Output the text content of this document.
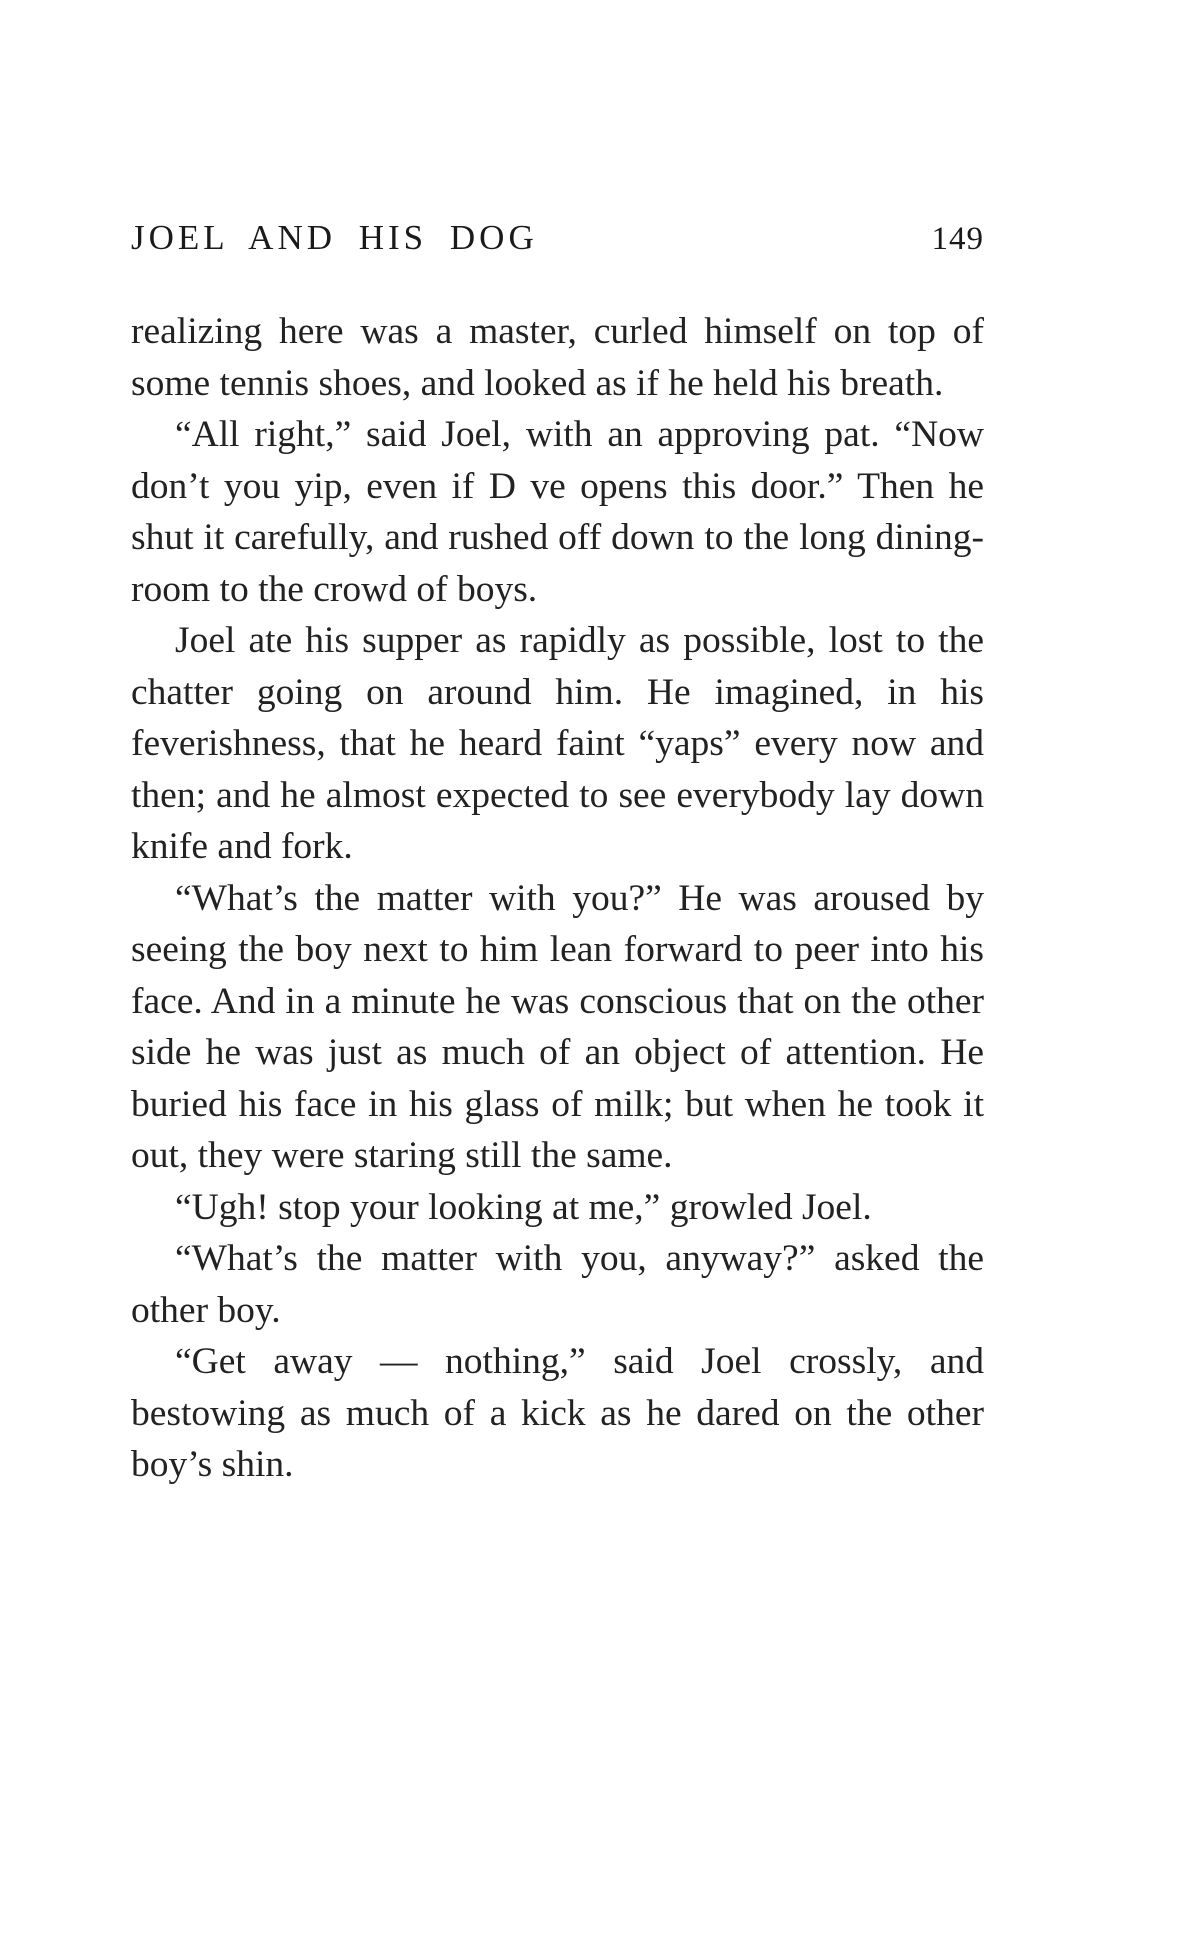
JOEL AND HIS DOG	149

realizing here was a master, curled himself on top of some tennis shoes, and looked as if he held his breath.

“All right,” said Joel, with an approving pat. “Now don’t you yip, even if D ve opens this door.” Then he shut it carefully, and rushed off down to the long dining-room to the crowd of boys.

Joel ate his supper as rapidly as possible, lost to the chatter going on around him. He imagined, in his feverishness, that he heard faint “yaps” every now and then; and he almost expected to see everybody lay down knife and fork.

“What’s the matter with you?” He was aroused by seeing the boy next to him lean forward to peer into his face. And in a minute he was conscious that on the other side he was just as much of an object of attention. He buried his face in his glass of milk; but when he took it out, they were staring still the same.

“Ugh! stop your looking at me,” growled Joel.

“What’s the matter with you, anyway?” asked the other boy.

“Get away — nothing,” said Joel crossly, and bestowing as much of a kick as he dared on the other boy’s shin.
